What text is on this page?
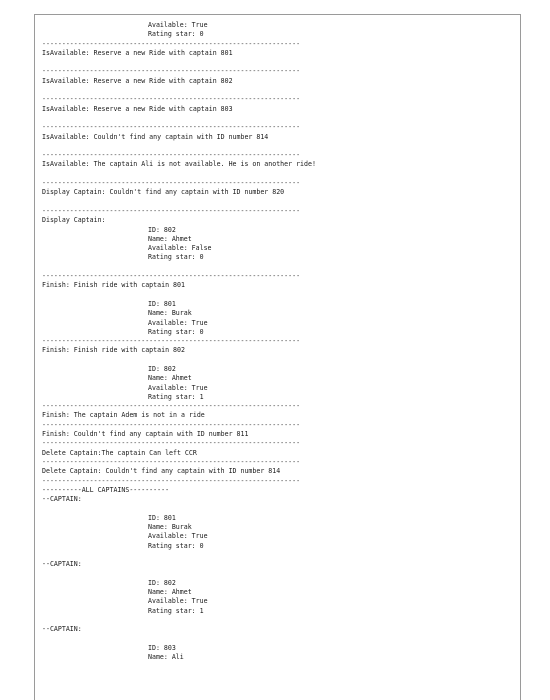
Available: True
Rating star: 0
-----------------------------------------------------------------
IsAvailable: Reserve a new Ride with captain 801
-----------------------------------------------------------------
IsAvailable: Reserve a new Ride with captain 802
-----------------------------------------------------------------
IsAvailable: Reserve a new Ride with captain 803
-----------------------------------------------------------------
IsAvailable: Couldn't find any captain with ID number 814
-----------------------------------------------------------------
IsAvailable: The captain Ali is not available. He is on another ride!
-----------------------------------------------------------------
Display Captain: Couldn't find any captain with ID number 820
-----------------------------------------------------------------
Display Captain:
ID: 802
Name: Ahmet
Available: False
Rating star: 0
-----------------------------------------------------------------
Finish: Finish ride with captain 801
ID: 801
Name: Burak
Available: True
Rating star: 0
-----------------------------------------------------------------
Finish: Finish ride with captain 802
ID: 802
Name: Ahmet
Available: True
Rating star: 1
-----------------------------------------------------------------
Finish: The captain Adem is not in a ride
-----------------------------------------------------------------
Finish: Couldn't find any captain with ID number 811
-----------------------------------------------------------------
Delete Captain:The captain Can left CCR
-----------------------------------------------------------------
Delete Captain: Couldn't find any captain with ID number 814
-----------------------------------------------------------------
----------ALL CAPTAINS----------
--CAPTAIN:
ID: 801
Name: Burak
Available: True
Rating star: 0
--CAPTAIN:
ID: 802
Name: Ahmet
Available: True
Rating star: 1
--CAPTAIN:
ID: 803
Name: Ali
